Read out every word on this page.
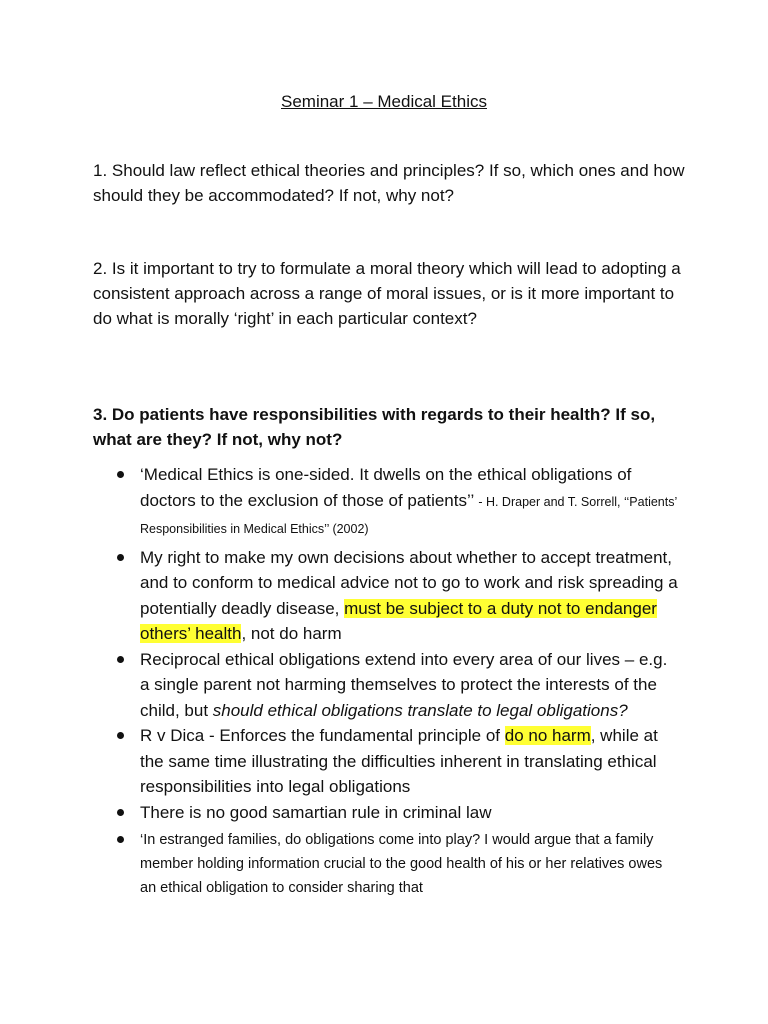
Seminar 1 – Medical Ethics
1. Should law reflect ethical theories and principles? If so, which ones and how should they be accommodated? If not, why not?
2. Is it important to try to formulate a moral theory which will lead to adopting a consistent approach across a range of moral issues, or is it more important to do what is morally ‘right’ in each particular context?
3. Do patients have responsibilities with regards to their health? If so, what are they? If not, why not?
‘Medical Ethics is one-sided. It dwells on the ethical obligations of doctors to the exclusion of those of patients’’ - H. Draper and T. Sorrell, ‘‘Patients’ Responsibilities in Medical Ethics’’ (2002)
My right to make my own decisions about whether to accept treatment, and to conform to medical advice not to go to work and risk spreading a potentially deadly disease, must be subject to a duty not to endanger others’ health, not do harm
Reciprocal ethical obligations extend into every area of our lives – e.g. a single parent not harming themselves to protect the interests of the child, but should ethical obligations translate to legal obligations?
R v Dica - Enforces the fundamental principle of do no harm, while at the same time illustrating the difficulties inherent in translating ethical responsibilities into legal obligations
There is no good samartian rule in criminal law
‘In estranged families, do obligations come into play? I would argue that a family member holding information crucial to the good health of his or her relatives owes an ethical obligation to consider sharing that
